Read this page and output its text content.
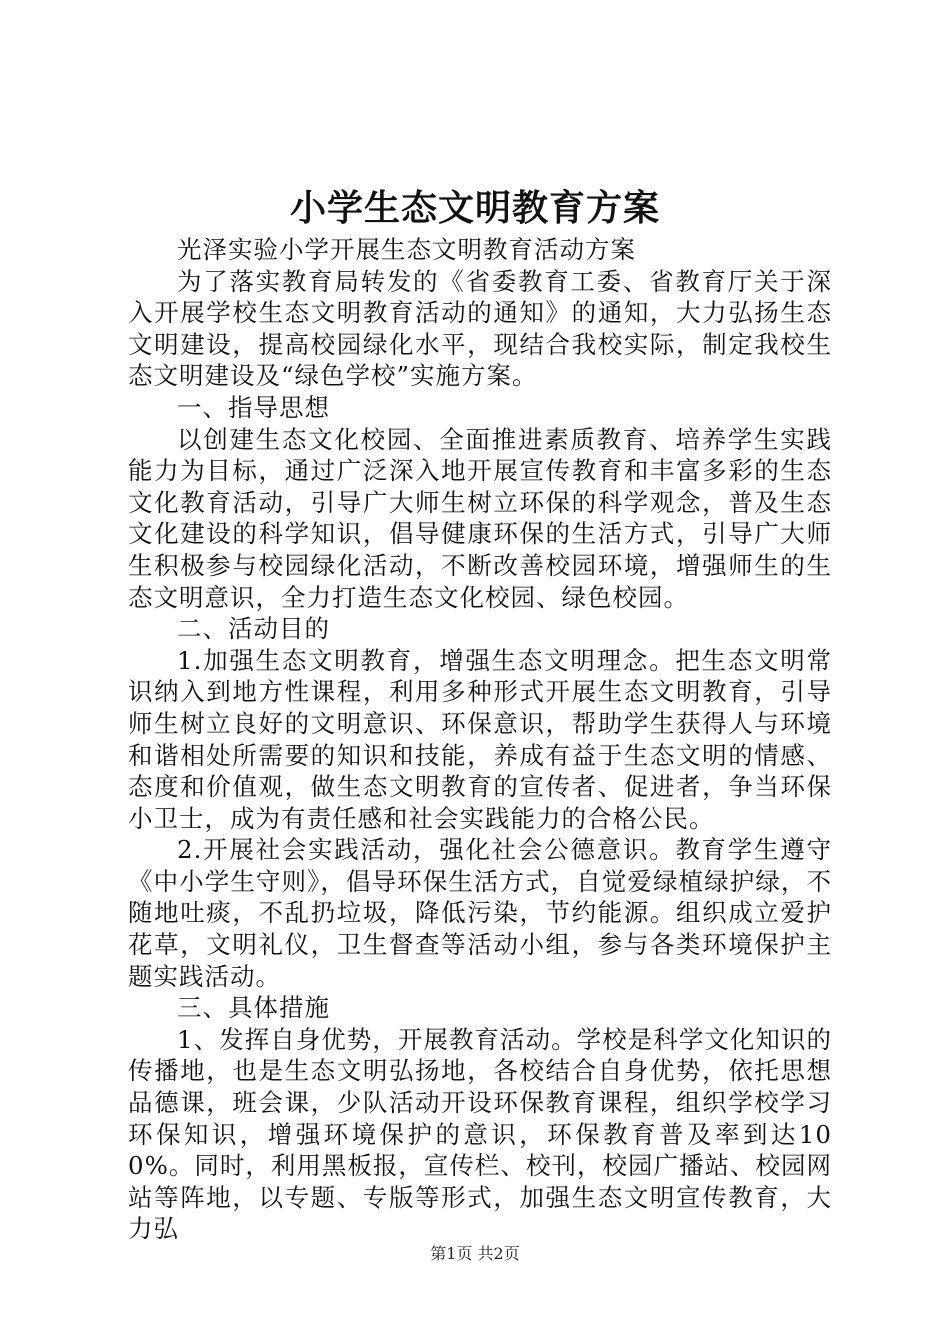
小学生态文明教育方案

光泽实验小学开展生态文明教育活动方案

为了落实教育局转发的《省委教育工委、省教育厅关于深入开展学校生态文明教育活动的通知》的通知，大力弘扬生态文明建设，提高校园绿化水平，现结合我校实际，制定我校生态文明建设及“绿色学校”实施方案。

一、指导思想

以创建生态文化校园、全面推进素质教育、培养学生实践能力为目标，通过广泛深入地开展宣传教育和丰富多彩的生态文化教育活动，引导广大师生树立环保的科学观念，普及生态文化建设的科学知识，倡导健康环保的生活方式，引导广大师生积极参与校园绿化活动，不断改善校园环境，增强师生的生态文明意识，全力打造生态文化校园、绿色校园。

二、活动目的

1.加强生态文明教育，增强生态文明理念。把生态文明常识纳入到地方性课程，利用多种形式开展生态文明教育，引导师生树立良好的文明意识、环保意识，帮助学生获得人与环境和谐相处所需要的知识和技能，养成有益于生态文明的情感、态度和价值观，做生态文明教育的宣传者、促进者，争当环保小卫士，成为有责任感和社会实践能力的合格公民。

2.开展社会实践活动，强化社会公德意识。教育学生遵守《中小学生守则》，倡导环保生活方式，自觉爱绿植绿护绿，不随地吐痰，不乱扔垃圾，降低污染，节约能源。组织成立爱护花草，文明礼仪，卫生督查等活动小组，参与各类环境保护主题实践活动。

三、具体措施

1、发挥自身优势，开展教育活动。学校是科学文化知识的传播地，也是生态文明弘扬地，各校结合自身优势，依托思想品德课，班会课，少队活动开设环保教育课程，组织学校学习环保知识，增强环境保护的意识，环保教育普及率到达100%。同时，利用黑板报，宣传栏、校刊，校园广播站、校园网站等阵地，以专题、专版等形式，加强生态文明宣传教育，大力弘

第1页 共2页
